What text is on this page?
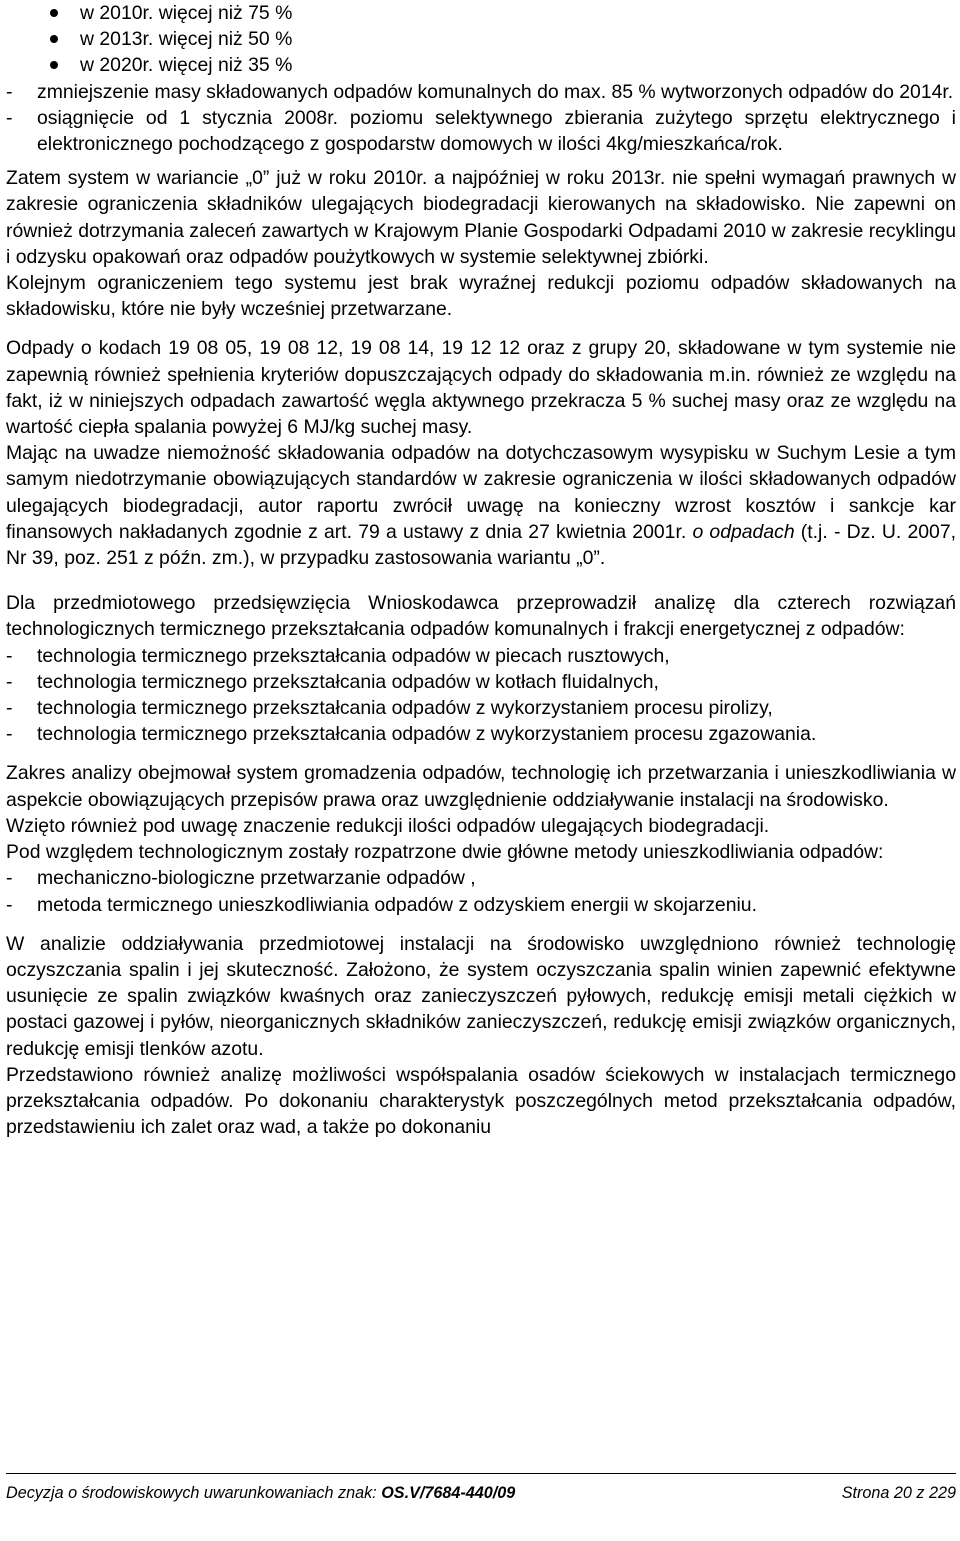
w 2010r. więcej niż 75 %
w 2013r. więcej niż 50 %
w 2020r. więcej niż 35 %
- zmniejszenie masy składowanych odpadów komunalnych do max. 85 % wytworzonych odpadów do 2014r.
- osiągnięcie od 1 stycznia 2008r. poziomu selektywnego zbierania zużytego sprzętu elektrycznego i elektronicznego pochodzącego z gospodarstw domowych w ilości 4kg/mieszkańca/rok.

Zatem system w wariancie „0” już w roku 2010r. a najpóźniej w roku 2013r. nie spełni wymagań prawnych w zakresie ograniczenia składników ulegających biodegradacji kierowanych na składowisko. Nie zapewni on również dotrzymania zaleceń zawartych w Krajowym Planie Gospodarki Odpadami 2010 w zakresie recyklingu i odzysku opakowań oraz odpadów poużytkowych w systemie selektywnej zbiórki.

Kolejnym ograniczeniem tego systemu jest brak wyraźnej redukcji poziomu odpadów składowanych na składowisku, które nie były wcześniej przetwarzane.

Odpady o kodach 19 08 05, 19 08 12, 19 08 14, 19 12 12 oraz z grupy 20, składowane w tym systemie nie zapewnią również spełnienia kryteriów dopuszczających odpady do składowania m.in. również ze względu na fakt, iż w niniejszych odpadach zawartość węgla aktywnego przekracza 5 % suchej masy oraz ze względu na wartość ciepła spalania powyżej 6 MJ/kg suchej masy.

Mając na uwadze niemożność składowania odpadów na dotychczasowym wysypisku w Suchym Lesie a tym samym niedotrzymanie obowiązujących standardów w zakresie ograniczenia w ilości składowanych odpadów ulegających biodegradacji, autor raportu zwrócił uwagę na konieczny wzrost kosztów i sankcje kar finansowych nakładanych zgodnie z art. 79 a ustawy z dnia 27 kwietnia 2001r. o odpadach (t.j. - Dz. U. 2007, Nr 39, poz. 251 z późn. zm.), w przypadku zastosowania wariantu „0”.

Dla przedmiotowego przedsięwzięcia Wnioskodawca przeprowadził analizę dla czterech rozwiązań technologicznych termicznego przekształcania odpadów komunalnych i frakcji energetycznej z odpadów:

- technologia termicznego przekształcania odpadów w piecach rusztowych,
- technologia termicznego przekształcania odpadów w kotłach fluidalnych,
- technologia termicznego przekształcania odpadów z wykorzystaniem procesu pirolizy,
- technologia termicznego przekształcania odpadów z wykorzystaniem procesu zgazowania.

Zakres analizy obejmował system gromadzenia odpadów, technologię ich przetwarzania i unieszkodliwiania w aspekcie obowiązujących przepisów prawa oraz uwzględnienie oddziaływanie instalacji na środowisko.

Wzięto również pod uwagę znaczenie redukcji ilości odpadów ulegających biodegradacji.

Pod względem technologicznym zostały rozpatrzone dwie główne metody unieszkodliwiania odpadów:

- mechaniczno-biologiczne przetwarzanie odpadów ,
- metoda termicznego unieszkodliwiania odpadów z odzyskiem energii w skojarzeniu.

W analizie oddziaływania przedmiotowej instalacji na środowisko uwzględniono również technologię oczyszczania spalin i jej skuteczność. Założono, że system oczyszczania spalin winien zapewnić efektywne usunięcie ze spalin związków kwaśnych oraz zanieczyszczeń pyłowych, redukcję emisji metali ciężkich w postaci gazowej i pyłów, nieorganicznych składników zanieczyszczeń, redukcję emisji związków organicznych, redukcję emisji tlenków azotu.

Przedstawiono również analizę możliwości współspalania osadów ściekowych w instalacjach termicznego przekształcania odpadów. Po dokonaniu charakterystyk poszczególnych metod przekształcania odpadów, przedstawieniu ich zalet oraz wad, a także po dokonaniu

Decyzja o środowiskowych uwarunkowaniach znak: OS.V/7684-440/09	Strona 20 z 229
